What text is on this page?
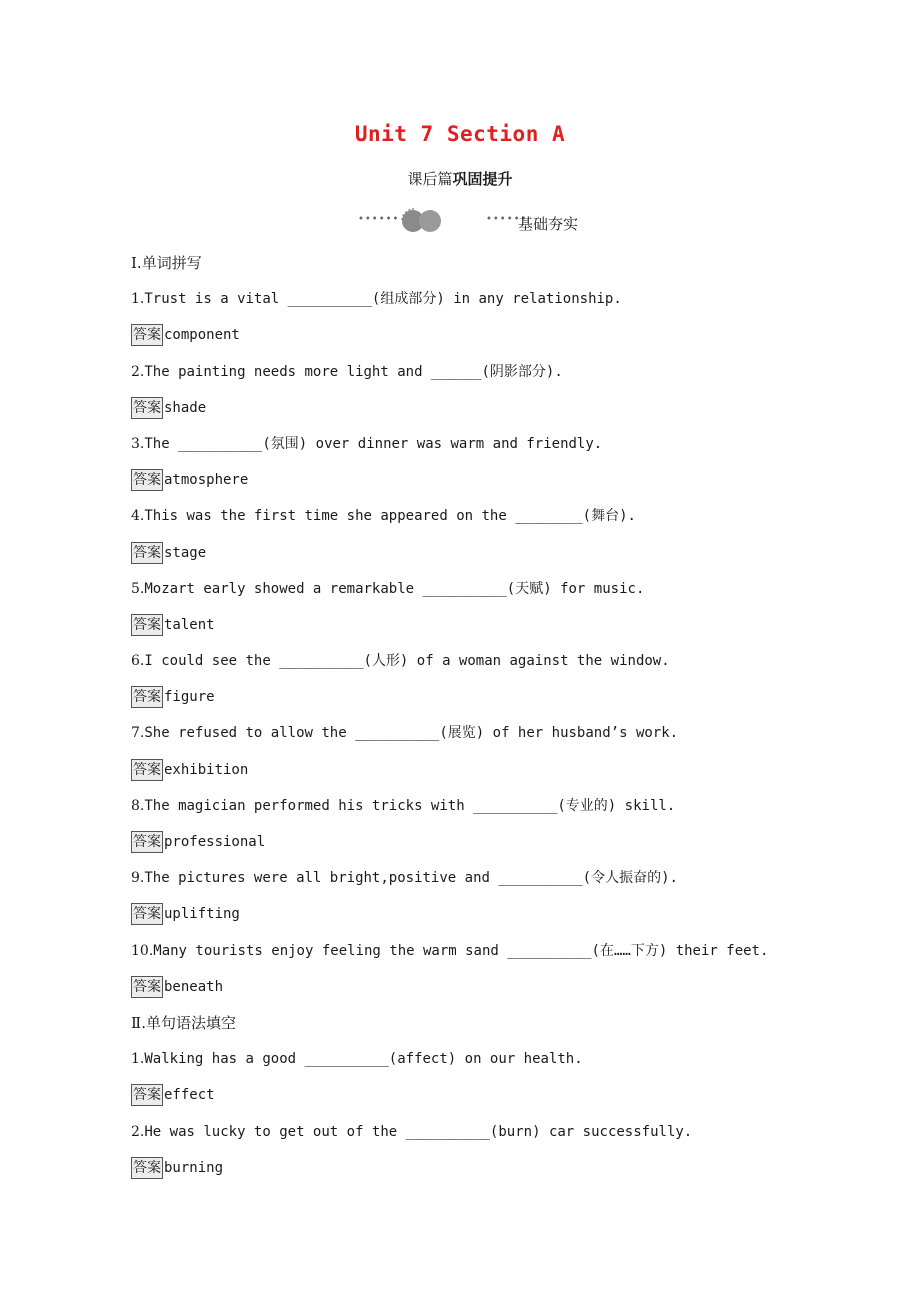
Unit 7 Section A
课后篇巩固提升
••••••	••••••
基础夯实
Ⅰ.单词拼写
1.Trust is a vital __________(组成部分) in any relationship.
答案 component
2.The painting needs more light and ______(阴影部分).
答案 shade
3.The __________(氛围) over dinner was warm and friendly.
答案 atmosphere
4.This was the first time she appeared on the ________(舞台).
答案 stage
5.Mozart early showed a remarkable __________(天赋) for music.
答案 talent
6.I could see the __________(人形) of a woman against the window.
答案 figure
7.She refused to allow the __________(展览) of her husband’s work.
答案 exhibition
8.The magician performed his tricks with __________(专业的) skill.
答案 professional
9.The pictures were all bright,positive and __________(令人振奋的).
答案 uplifting
10.Many tourists enjoy feeling the warm sand __________(在……下方) their feet.
答案 beneath
Ⅱ.单句语法填空
1.Walking has a good __________(affect) on our health.
答案 effect
2.He was lucky to get out of the __________(burn) car successfully.
答案 burning
